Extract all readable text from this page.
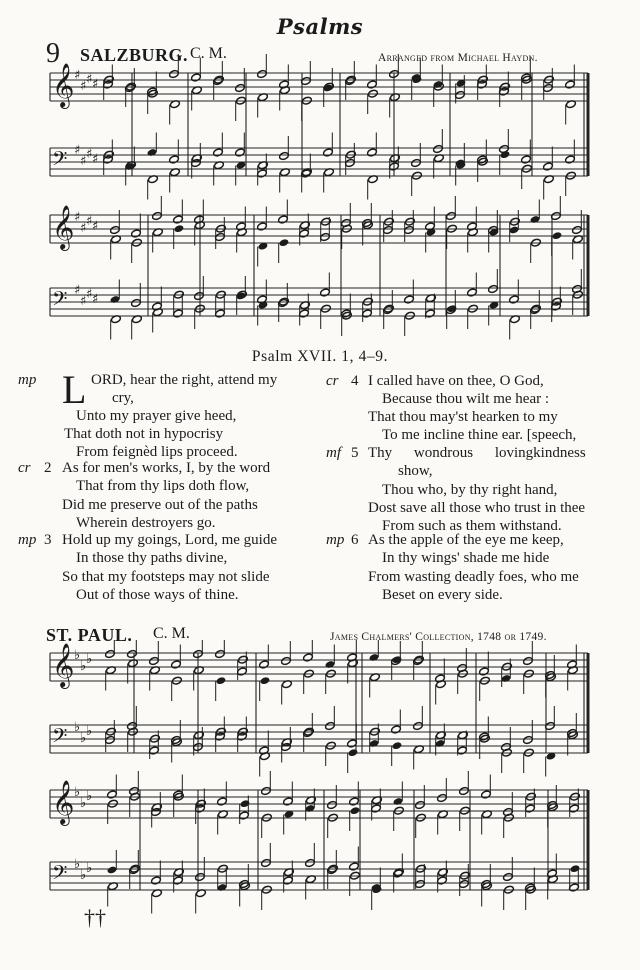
Psalms
9 SALZBURG. C. M.	Arranged from Michael Haydn.
𝄞 ♯
♯ ♯ ♯
𝄢 ♯
♯ ♯ ♯
𝄞 ♯
♯ ♯ ♯
𝄢 ♯
♯ ♯ ♯
Psalm XVII. 1, 4–9.
mp L ORD, hear the right, attend my
cry,
Unto my prayer give heed,
That doth not in hypocrisy
From feignèd lips proceed.
cr 2 As for men's works, I, by the word
That from thy lips doth flow,
Did me preserve out of the paths
Wherein destroyers go.
mp 3 Hold up my goings, Lord, me guide
In those thy paths divine,
So that my footsteps may not slide
Out of those ways of thine.
cr 4 I called have on thee, O God,
Because thou wilt me hear :
That thou may'st hearken to my
To me incline thine ear. [speech,
mf 5 Thy wondrous lovingkindness
show,
Thou who, by thy right hand,
Dost save all those who trust in thee
From such as them withstand.
mp 6 As the apple of the eye me keep,
In thy wings' shade me hide
From wasting deadly foes, who me
Beset on every side.
ST. PAUL. C. M.	James Chalmers' Collection, 1748 or 1749.
𝄞 ♭
♭ ♭
𝄢 ♭
♭ ♭
𝄞 ♭
♭ ♭
𝄢 ♭
♭ ♭
††
